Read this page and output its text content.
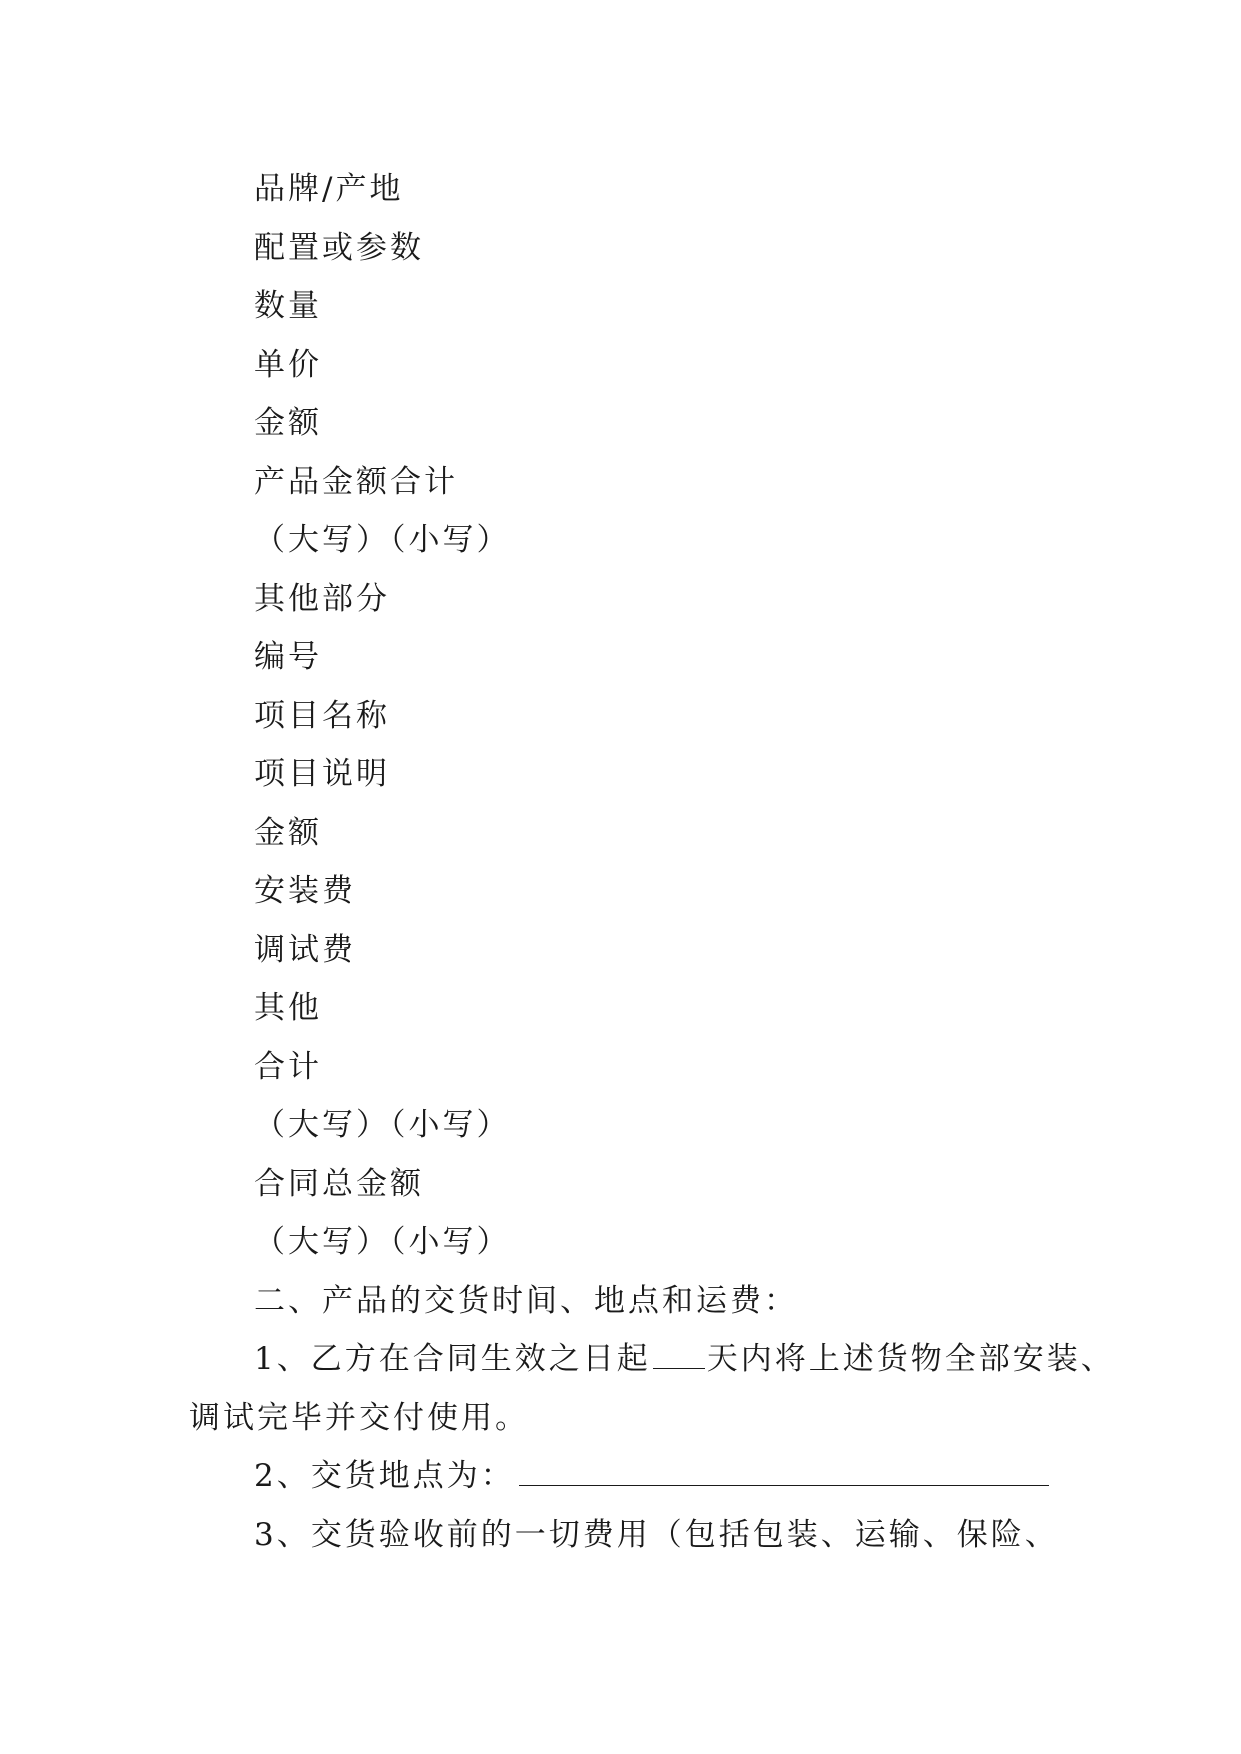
品牌/产地
配置或参数
数量
单价
金额
产品金额合计
（大写）（小写）
其他部分
编号
项目名称
项目说明
金额
安装费
调试费
其他
合计
（大写）（小写）
合同总金额
（大写）（小写）
二、产品的交货时间、地点和运费：
1、乙方在合同生效之日起 天内将上述货物全部安装、
调试完毕并交付使用。
2、交货地点为：
3、交货验收前的一切费用（包括包装、运输、保险、
